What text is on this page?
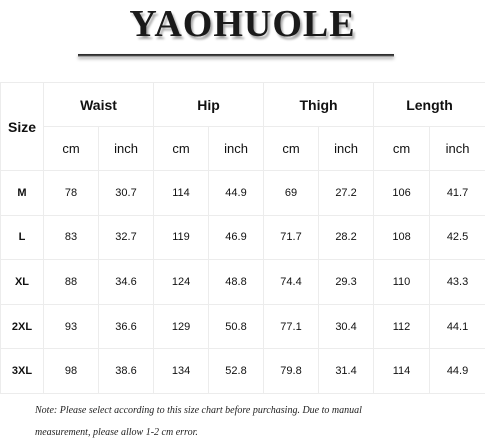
YAOHUOLE
Size	Waist		Hip		Thigh		Length	
	cm	inch	cm	inch	cm	inch	cm	inch
M	78	30.7	114	44.9	69	27.2	106	41.7
L	83	32.7	119	46.9	71.7	28.2	108	42.5
XL	88	34.6	124	48.8	74.4	29.3	110	43.3
2XL	93	36.6	129	50.8	77.1	30.4	112	44.1
3XL	98	38.6	134	52.8	79.8	31.4	114	44.9
Note: Please select according to this size chart before purchasing. Due to manual
measurement, please allow 1-2 cm error.
